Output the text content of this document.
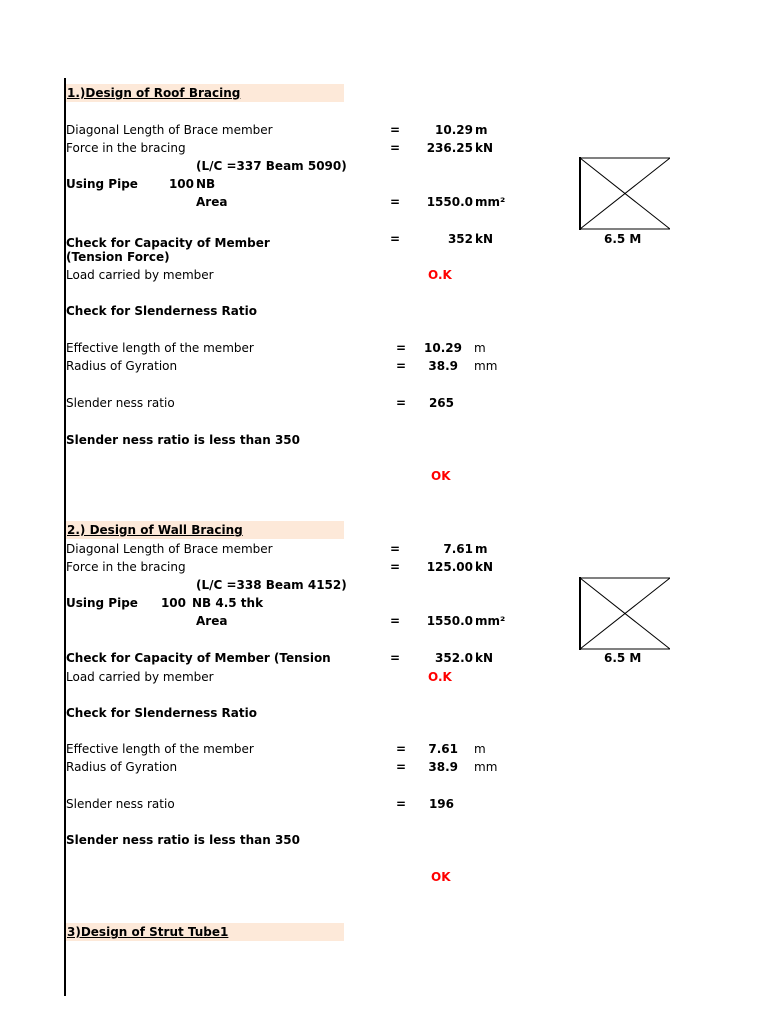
1.)Design of Roof Bracing
Diagonal Length of Brace member	=	10.29 m
Force in the bracing	=	236.25 kN
(L/C =337 Beam 5090)
Using Pipe	100 NB
Area	=	1550.0 mm²
Check for Capacity of Member
(Tension Force)
=	352 kN
Load carried by member	O.K
Check for Slenderness Ratio
Effective length of the member	=	10.29 m
Radius of Gyration	=	38.9 mm
Slender ness ratio	=	265
Slender ness ratio is less than 350
OK
6.5 M
2.) Design of Wall Bracing
Diagonal Length of Brace member	=	7.61 m
Force in the bracing	=	125.00 kN
(L/C =338 Beam 4152)
Using Pipe 100 NB 4.5 thk
Area	=	1550.0 mm²
Check for Capacity of Member (Tension	=	352.0 kN
Load carried by member	O.K
Check for Slenderness Ratio
Effective length of the member	=	7.61 m
Radius of Gyration	=	38.9 mm
Slender ness ratio	=	196
Slender ness ratio is less than 350
OK
6.5 M
3)Design of Strut Tube1
